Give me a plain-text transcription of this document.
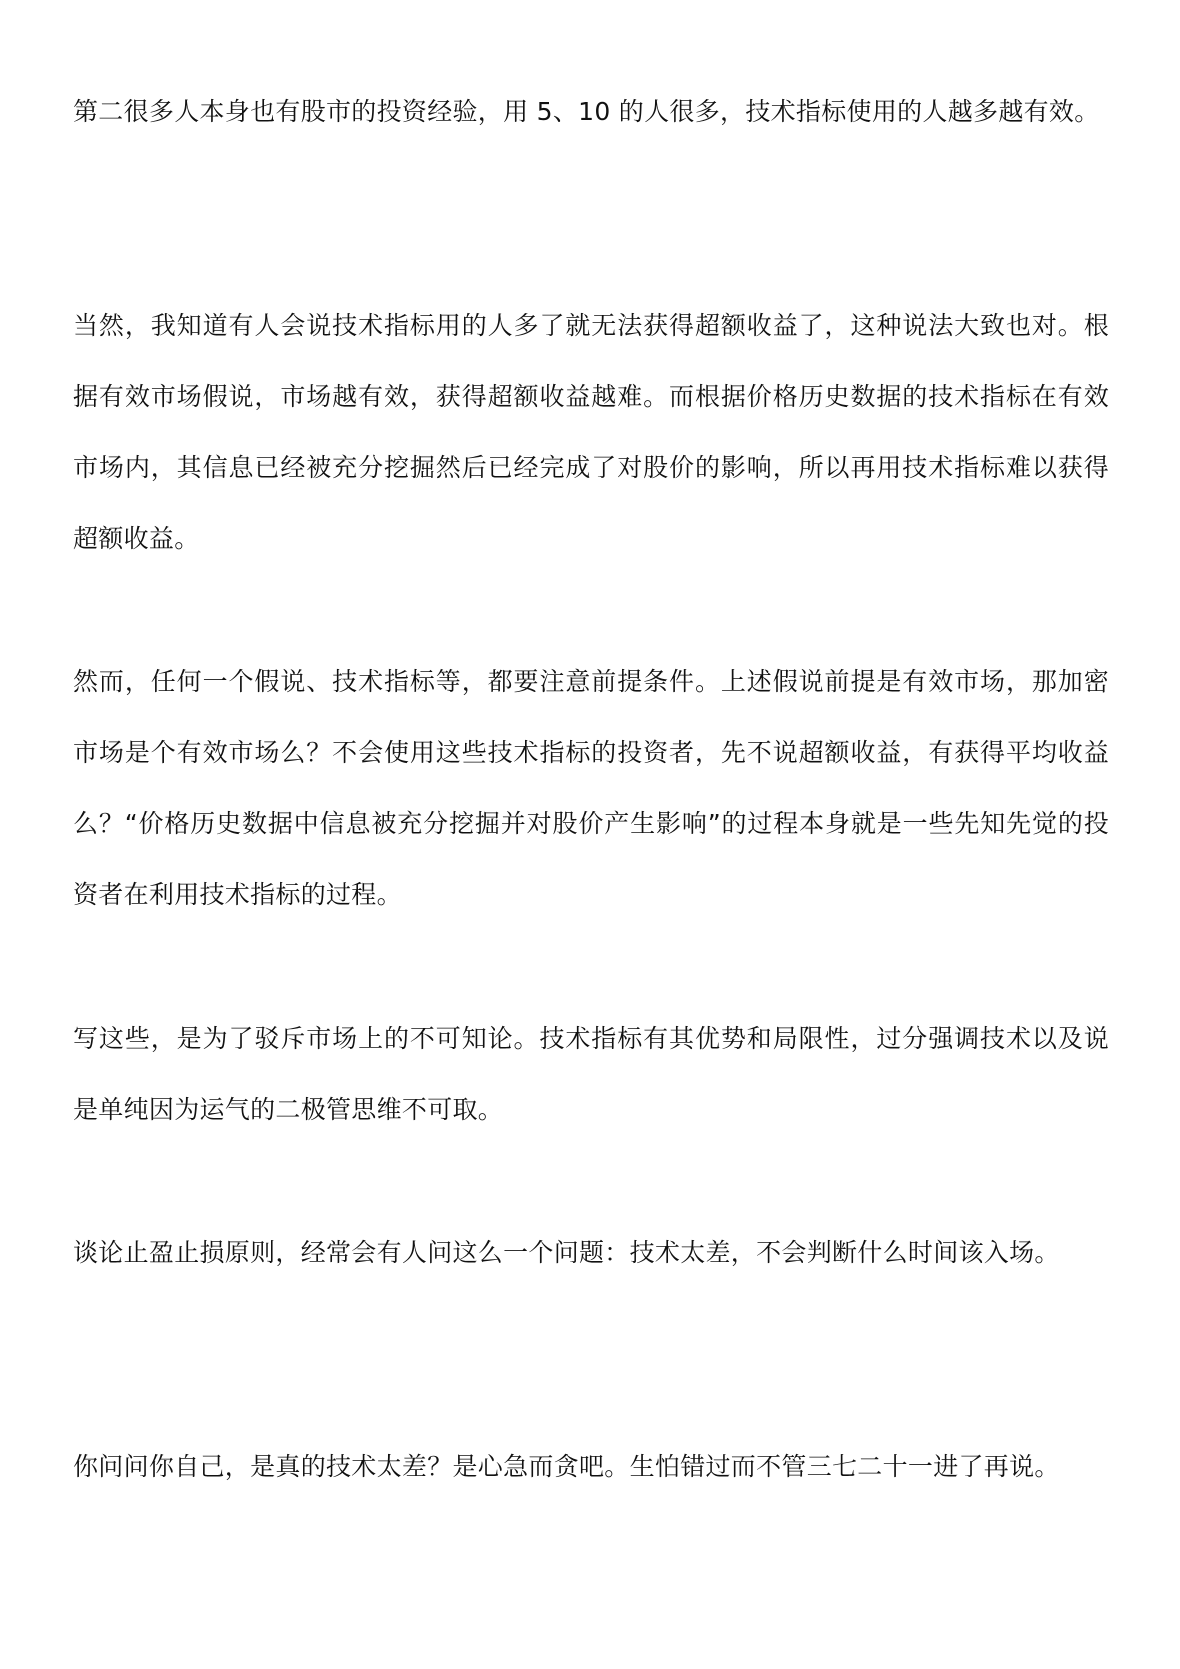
第二很多人本身也有股市的投资经验，用 5、10 的人很多，技术指标使用的人越多越有效。

当然，我知道有人会说技术指标用的人多了就无法获得超额收益了，这种说法大致也对。根据有效市场假说，市场越有效，获得超额收益越难。而根据价格历史数据的技术指标在有效市场内，其信息已经被充分挖掘然后已经完成了对股价的影响，所以再用技术指标难以获得超额收益。

然而，任何一个假说、技术指标等，都要注意前提条件。上述假说前提是有效市场，那加密市场是个有效市场么？不会使用这些技术指标的投资者，先不说超额收益，有获得平均收益么？“价格历史数据中信息被充分挖掘并对股价产生影响”的过程本身就是一些先知先觉的投资者在利用技术指标的过程。

写这些，是为了驳斥市场上的不可知论。技术指标有其优势和局限性，过分强调技术以及说是单纯因为运气的二极管思维不可取。

谈论止盈止损原则，经常会有人问这么一个问题：技术太差，不会判断什么时间该入场。

你问问你自己，是真的技术太差？是心急而贪吧。生怕错过而不管三七二十一进了再说。
